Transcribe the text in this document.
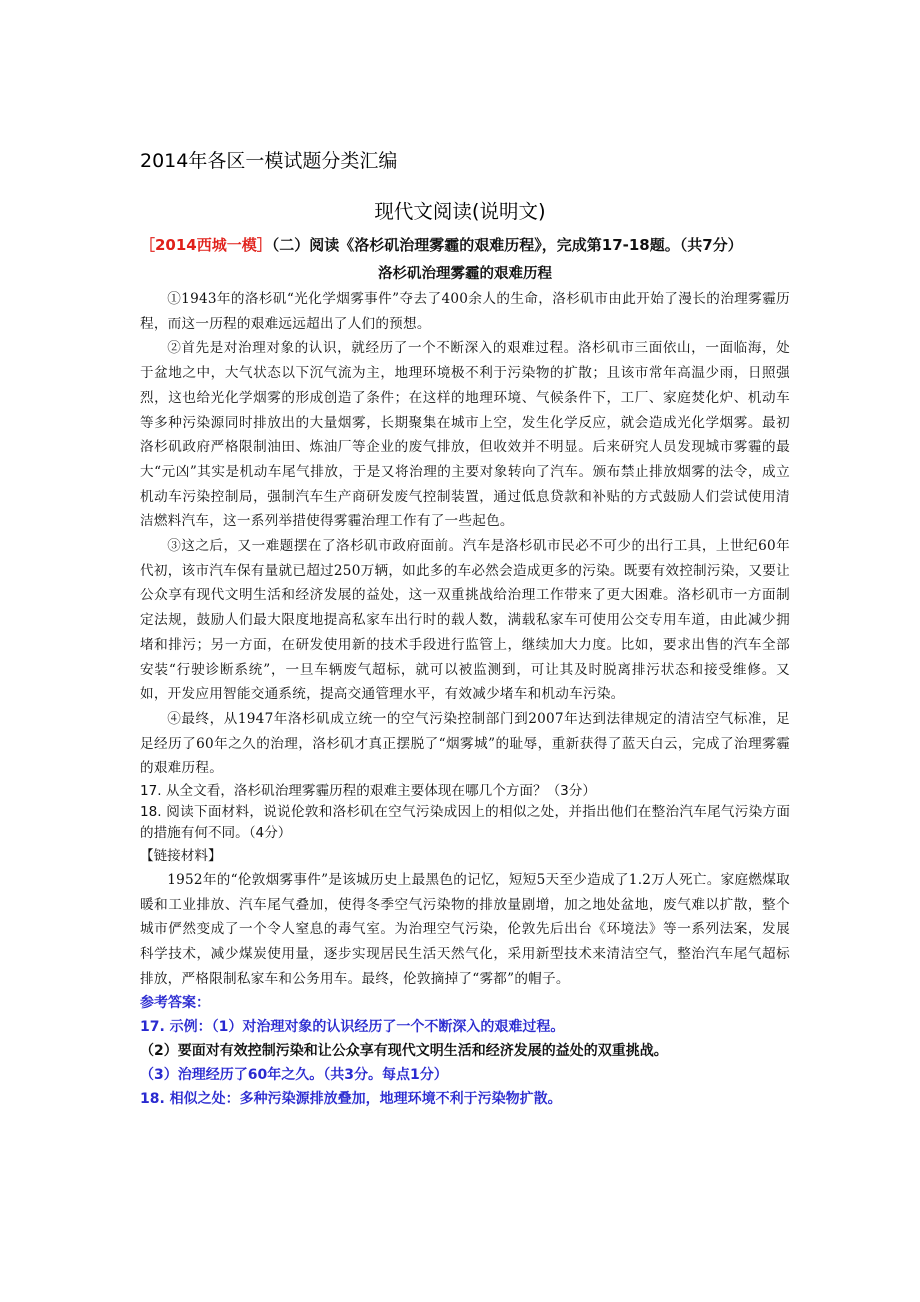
2014年各区一模试题分类汇编
现代文阅读(说明文)

［2014西城一模］（二）阅读《洛杉矶治理雾霾的艰难历程》，完成第17-18题。（共7分）

洛杉矶治理雾霾的艰难历程

①1943年的洛杉矶“光化学烟雾事件”夺去了400余人的生命，洛杉矶市由此开始了漫长的治理雾霾历程，而这一历程的艰难远远超出了人们的预想。

②首先是对治理对象的认识，就经历了一个不断深入的艰难过程。洛杉矶市三面依山，一面临海，处于盆地之中，大气状态以下沉气流为主，地理环境极不利于污染物的扩散；且该市常年高温少雨，日照强烈，这也给光化学烟雾的形成创造了条件；在这样的地理环境、气候条件下，工厂、家庭焚化炉、机动车等多种污染源同时排放出的大量烟雾，长期聚集在城市上空，发生化学反应，就会造成光化学烟雾。最初洛杉矶政府严格限制油田、炼油厂等企业的废气排放，但收效并不明显。后来研究人员发现城市雾霾的最大“元凶”其实是机动车尾气排放，于是又将治理的主要对象转向了汽车。颁布禁止排放烟雾的法令，成立机动车污染控制局，强制汽车生产商研发废气控制装置，通过低息贷款和补贴的方式鼓励人们尝试使用清洁燃料汽车，这一系列举措使得雾霾治理工作有了一些起色。

③这之后，又一难题摆在了洛杉矶市政府面前。汽车是洛杉矶市民必不可少的出行工具，上世纪60年代初，该市汽车保有量就已超过250万辆，如此多的车必然会造成更多的污染。既要有效控制污染，又要让公众享有现代文明生活和经济发展的益处，这一双重挑战给治理工作带来了更大困难。洛杉矶市一方面制定法规，鼓励人们最大限度地提高私家车出行时的载人数，满载私家车可使用公交专用车道，由此减少拥堵和排污；另一方面，在研发使用新的技术手段进行监管上，继续加大力度。比如，要求出售的汽车全部安装“行驶诊断系统”，一旦车辆废气超标，就可以被监测到，可让其及时脱离排污状态和接受维修。又如，开发应用智能交通系统，提高交通管理水平，有效减少堵车和机动车污染。

④最终，从1947年洛杉矶成立统一的空气污染控制部门到2007年达到法律规定的清洁空气标准，足足经历了60年之久的治理，洛杉矶才真正摆脱了“烟雾城”的耻辱，重新获得了蓝天白云，完成了治理雾霾的艰难历程。

17. 从全文看，洛杉矶治理雾霾历程的艰难主要体现在哪几个方面？（3分）

18. 阅读下面材料，说说伦敦和洛杉矶在空气污染成因上的相似之处，并指出他们在整治汽车尾气污染方面的措施有何不同。（4分）

【链接材料】

1952年的“伦敦烟雾事件”是该城历史上最黑色的记忆，短短5天至少造成了1.2万人死亡。家庭燃煤取暖和工业排放、汽车尾气叠加，使得冬季空气污染物的排放量剧增，加之地处盆地，废气难以扩散，整个城市俨然变成了一个令人窒息的毒气室。为治理空气污染，伦敦先后出台《环境法》等一系列法案，发展科学技术，减少煤炭使用量，逐步实现居民生活天然气化，采用新型技术来清洁空气，整治汽车尾气超标排放，严格限制私家车和公务用车。最终，伦敦摘掉了“雾都”的帽子。

参考答案：

17. 示例：（1）对治理对象的认识经历了一个不断深入的艰难过程。

（2）要面对有效控制污染和让公众享有现代文明生活和经济发展的益处的双重挑战。

（3）治理经历了60年之久。（共3分。每点1分）

18. 相似之处：多种污染源排放叠加，地理环境不利于污染物扩散。
